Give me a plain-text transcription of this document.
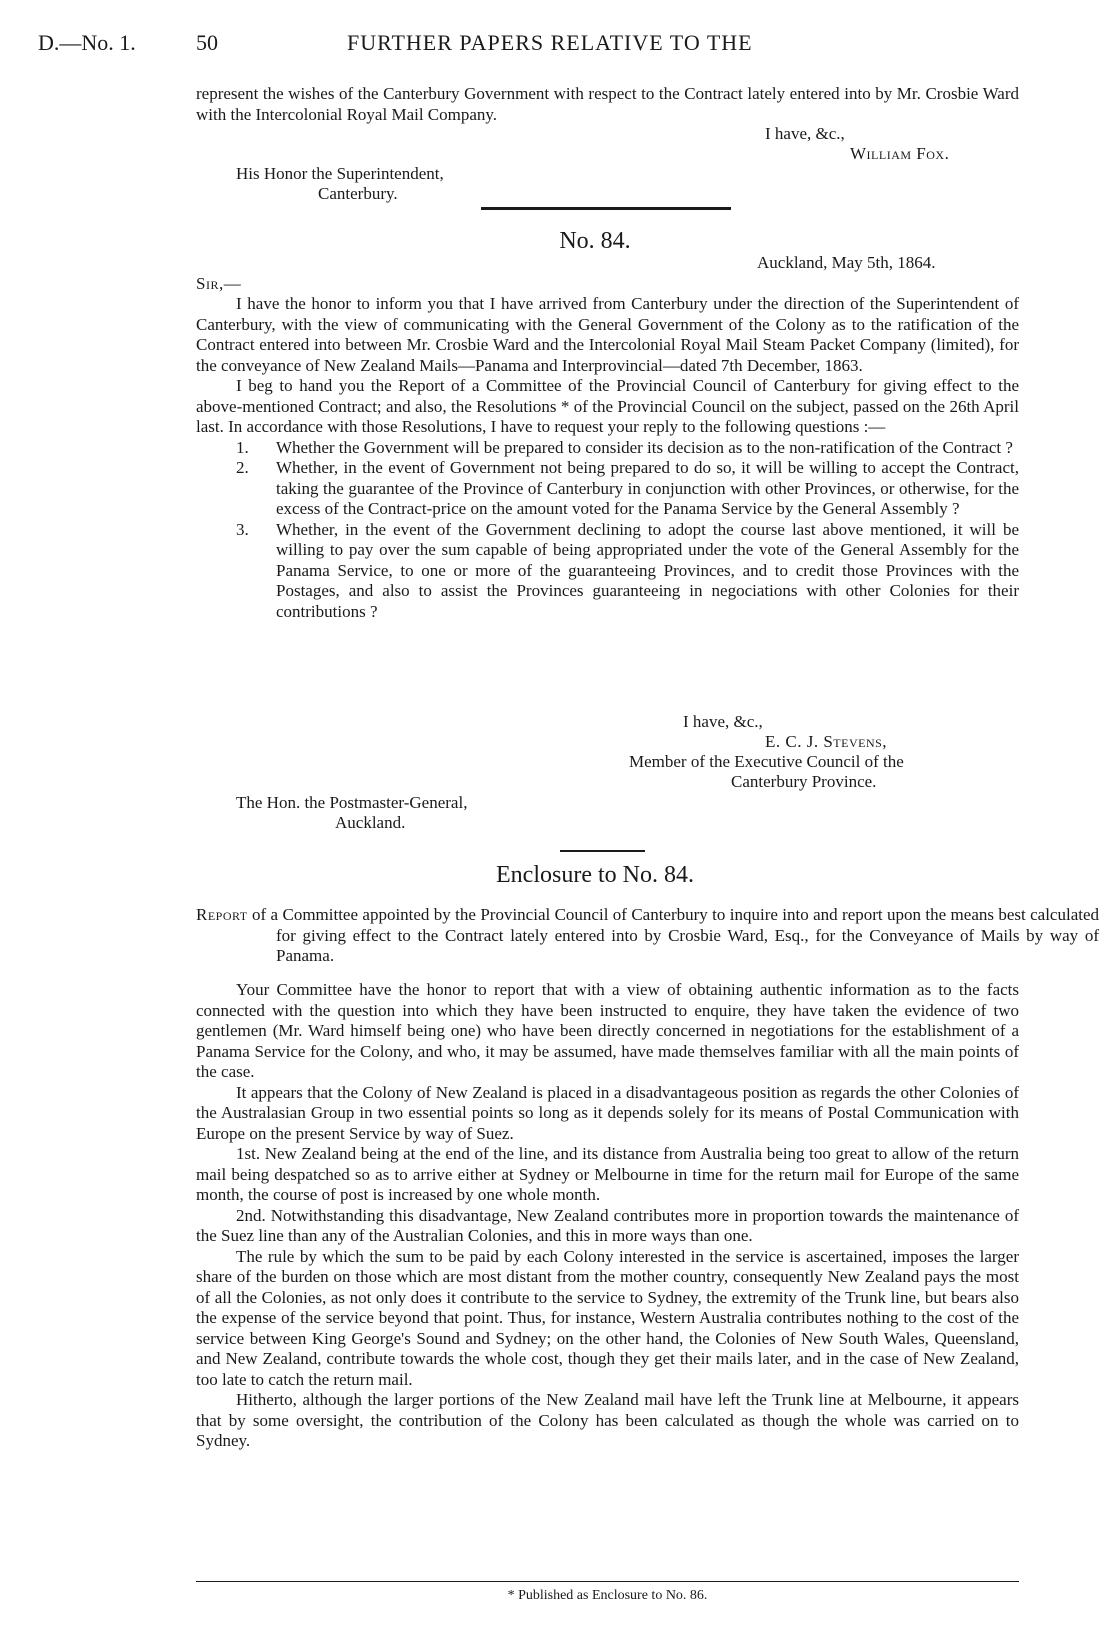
D.—No. 1.	50	FURTHER PAPERS RELATIVE TO THE
represent the wishes of the Canterbury Government with respect to the Contract lately entered into by Mr. Crosbie Ward with the Intercolonial Royal Mail Company.
I have, &c.,
William Fox.
His Honor the Superintendent,
Canterbury.
No. 84.
Auckland, May 5th, 1864.
Sir,—
I have the honor to inform you that I have arrived from Canterbury under the direction of the Superintendent of Canterbury, with the view of communicating with the General Government of the Colony as to the ratification of the Contract entered into between Mr. Crosbie Ward and the Intercolonial Royal Mail Steam Packet Company (limited), for the conveyance of New Zealand Mails—Panama and Interprovincial—dated 7th December, 1863.
I beg to hand you the Report of a Committee of the Provincial Council of Canterbury for giving effect to the above-mentioned Contract; and also, the Resolutions * of the Provincial Council on the subject, passed on the 26th April last. In accordance with those Resolutions, I have to request your reply to the following questions :—
1. Whether the Government will be prepared to consider its decision as to the non-ratification of the Contract ?
2. Whether, in the event of Government not being prepared to do so, it will be willing to accept the Contract, taking the guarantee of the Province of Canterbury in conjunction with other Provinces, or otherwise, for the excess of the Contract-price on the amount voted for the Panama Service by the General Assembly ?
3. Whether, in the event of the Government declining to adopt the course last above mentioned, it will be willing to pay over the sum capable of being appropriated under the vote of the General Assembly for the Panama Service, to one or more of the guaranteeing Provinces, and to credit those Provinces with the Postages, and also to assist the Provinces guaranteeing in negociations with other Colonies for their contributions ?
I have, &c.,
E. C. J. Stevens,
Member of the Executive Council of the
Canterbury Province.
The Hon. the Postmaster-General,
Auckland.
Enclosure to No. 84.
Report of a Committee appointed by the Provincial Council of Canterbury to inquire into and report upon the means best calculated for giving effect to the Contract lately entered into by Crosbie Ward, Esq., for the Conveyance of Mails by way of Panama.
Your Committee have the honor to report that with a view of obtaining authentic information as to the facts connected with the question into which they have been instructed to enquire, they have taken the evidence of two gentlemen (Mr. Ward himself being one) who have been directly concerned in negotiations for the establishment of a Panama Service for the Colony, and who, it may be assumed, have made themselves familiar with all the main points of the case.
It appears that the Colony of New Zealand is placed in a disadvantageous position as regards the other Colonies of the Australasian Group in two essential points so long as it depends solely for its means of Postal Communication with Europe on the present Service by way of Suez.
1st. New Zealand being at the end of the line, and its distance from Australia being too great to allow of the return mail being despatched so as to arrive either at Sydney or Melbourne in time for the return mail for Europe of the same month, the course of post is increased by one whole month.
2nd. Notwithstanding this disadvantage, New Zealand contributes more in proportion towards the maintenance of the Suez line than any of the Australian Colonies, and this in more ways than one.
The rule by which the sum to be paid by each Colony interested in the service is ascertained, imposes the larger share of the burden on those which are most distant from the mother country, consequently New Zealand pays the most of all the Colonies, as not only does it contribute to the service to Sydney, the extremity of the Trunk line, but bears also the expense of the service beyond that point. Thus, for instance, Western Australia contributes nothing to the cost of the service between King George's Sound and Sydney; on the other hand, the Colonies of New South Wales, Queensland, and New Zealand, contribute towards the whole cost, though they get their mails later, and in the case of New Zealand, too late to catch the return mail.
Hitherto, although the larger portions of the New Zealand mail have left the Trunk line at Melbourne, it appears that by some oversight, the contribution of the Colony has been calculated as though the whole was carried on to Sydney.
* Published as Enclosure to No. 86.
